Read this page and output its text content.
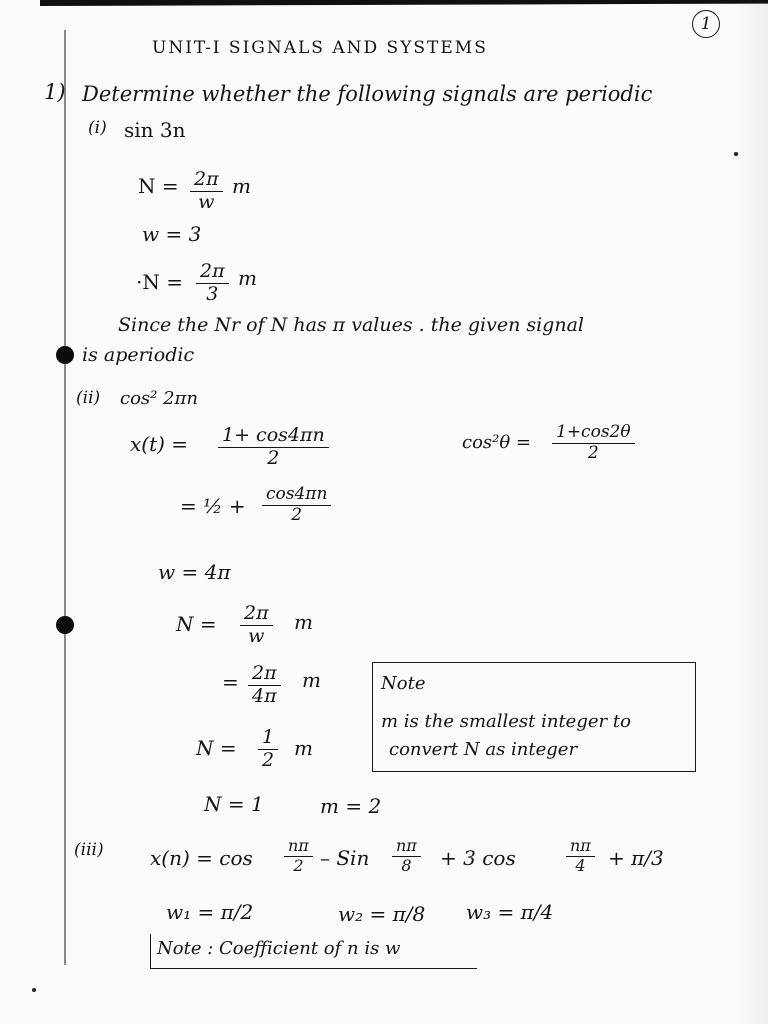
1
UNIT-I SIGNALS AND SYSTEMS
1) Determine whether the following signals are periodic
(i) sin 3n
$N = \frac{2\pi}{w}$ m
w = 3
$\cdot N = \frac{2\pi}{3}$ m
Since the Nr of N has π values . the given signal
is aperiodic
(ii) cos² 2πn
$x(t) = \frac{1+ \cos 4\pi n}{2}$	$\cos^2\theta = \frac{1+\cos 2\theta}{2}$
= ½ + $\frac{\cos 4\pi n}{2}$
w = 4π
$N = \frac{2\pi}{w}$ m
= $\frac{2\pi}{4\pi}$ m
$N = \frac{1}{2}$ m
N = 1	m = 2
Note
m is the smallest integer to
convert N as integer
(iii) $x(n) = \cos \frac{n\pi}{2}$ – Sin $\frac{n\pi}{8} + 3$ cos	$\frac{n\pi}{4} + \pi/3$
w₁ = π/2	w₂ = π/8 w₃ = π/4
Note : Coefficient of n is w
